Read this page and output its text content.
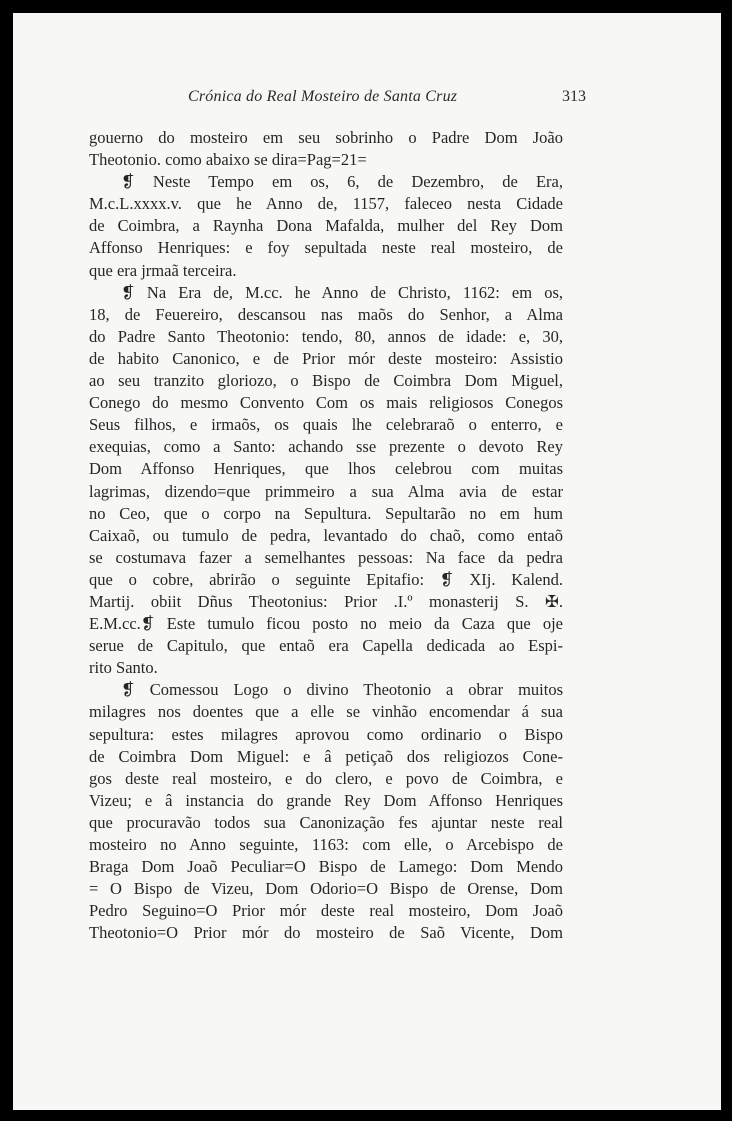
Crónica do Real Mosteiro de Santa Cruz	313
gouerno do mosteiro em seu sobrinho o Padre Dom João
Theotonio. como abaixo se dira=Pag=21=
❡ Neste Tempo em os, 6, de Dezembro, de Era,
M.c.L.xxxx.v. que he Anno de, 1157, faleceo nesta Cidade
de Coimbra, a Raynha Dona Mafalda, mulher del Rey Dom
Affonso Henriques: e foy sepultada neste real mosteiro, de
que era jrmaã terceira.
❡ Na Era de, M.cc. he Anno de Christo, 1162: em os,
18, de Feuereiro, descansou nas maõs do Senhor, a Alma
do Padre Santo Theotonio: tendo, 80, annos de idade: e, 30,
de habito Canonico, e de Prior mór deste mosteiro: Assistio
ao seu tranzito gloriozo, o Bispo de Coimbra Dom Miguel,
Conego do mesmo Convento Com os mais religiosos Conegos
Seus filhos, e irmaõs, os quais lhe celebraraõ o enterro, e
exequias, como a Santo: achando sse prezente o devoto Rey
Dom Affonso Henriques, que lhos celebrou com muitas
lagrimas, dizendo=que primmeiro a sua Alma avia de estar
no Ceo, que o corpo na Sepultura. Sepultarão no em hum
Caixaõ, ou tumulo de pedra, levantado do chaõ, como entaõ
se costumava fazer a semelhantes pessoas: Na face da pedra
que o cobre, abrirão o seguinte Epitafio: ❡ XIj. Kalend.
Martij. obiit Dñus Theotonius: Prior .I.º monasterij S. ✠.
E.M.cc.❡ Este tumulo ficou posto no meio da Caza que oje
serue de Capitulo, que entaõ era Capella dedicada ao Espi-
rito Santo.
❡ Comessou Logo o divino Theotonio a obrar muitos
milagres nos doentes que a elle se vinhão encomendar á sua
sepultura: estes milagres aprovou como ordinario o Bispo
de Coimbra Dom Miguel: e â petiçaõ dos religiozos Cone-
gos deste real mosteiro, e do clero, e povo de Coimbra, e
Vizeu; e â instancia do grande Rey Dom Affonso Henriques
que procuravão todos sua Canonização fes ajuntar neste real
mosteiro no Anno seguinte, 1163: com elle, o Arcebispo de
Braga Dom Joaõ Peculiar=O Bispo de Lamego: Dom Mendo
= O Bispo de Vizeu, Dom Odorio=O Bispo de Orense, Dom
Pedro Seguino=O Prior mór deste real mosteiro, Dom Joaõ
Theotonio=O Prior mór do mosteiro de Saõ Vicente, Dom
